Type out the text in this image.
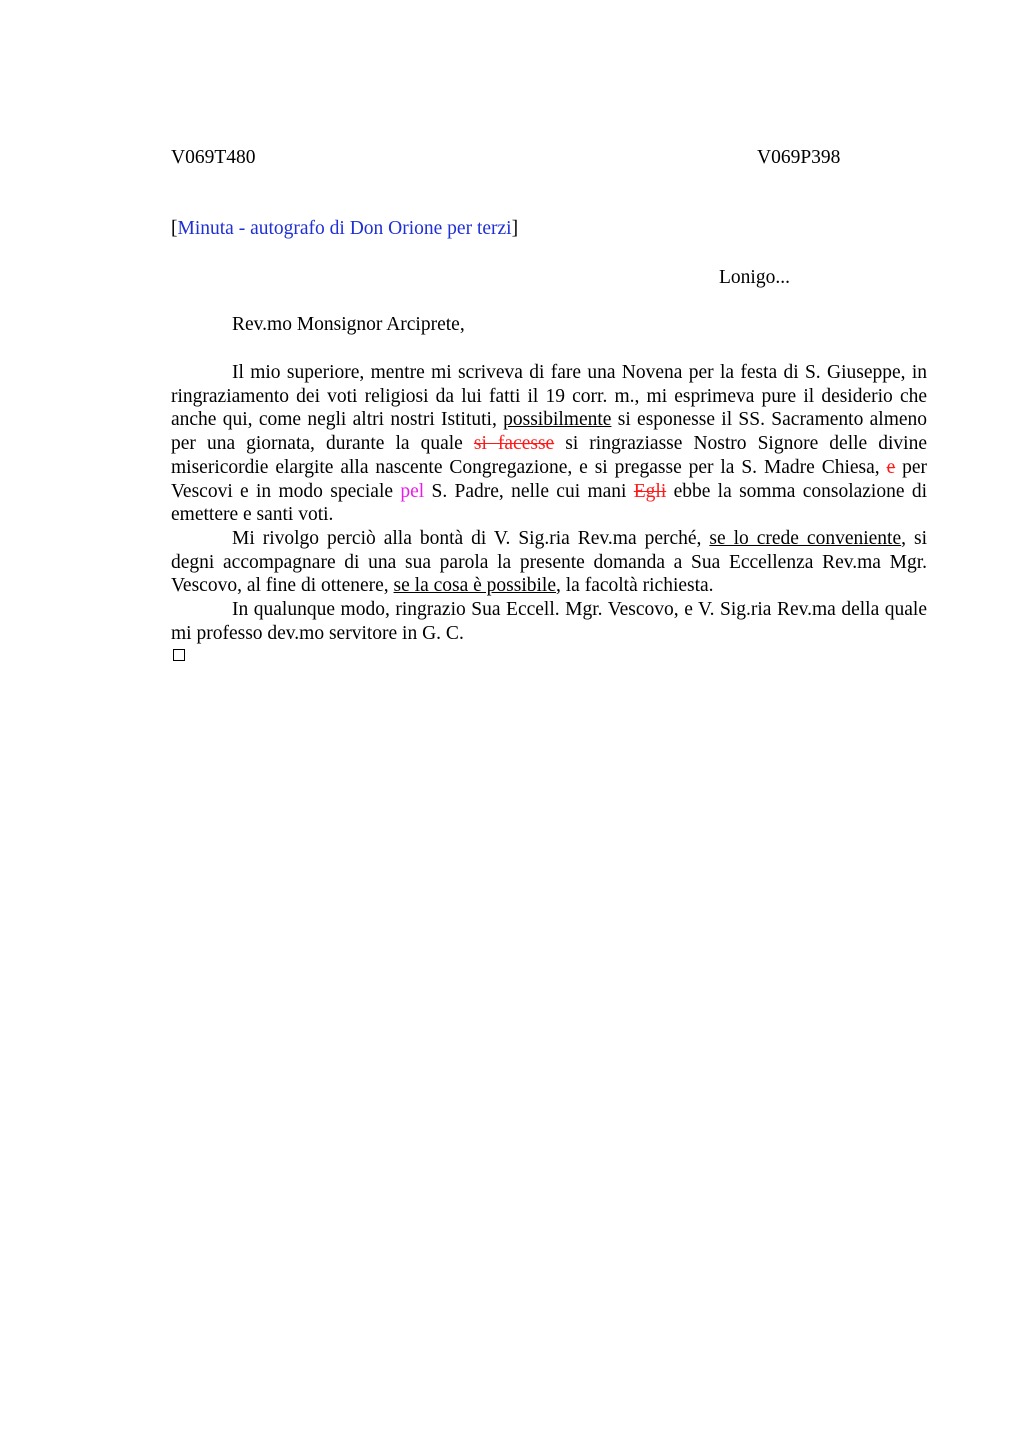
V069T480	V069P398
[Minuta - autografo di Don Orione per terzi]
Lonigo...
Rev.mo Monsignor Arciprete,

Il mio superiore, mentre mi scriveva di fare una Novena per la festa di S. Giuseppe, in ringraziamento dei voti religiosi da lui fatti il 19 corr. m., mi esprimeva pure il desiderio che anche qui, come negli altri nostri Istituti, possibilmente si esponesse il SS. Sacramento almeno per una giornata, durante la quale si facesse si ringraziasse Nostro Signore delle divine misericordie elargite alla nascente Congregazione, e si pregasse per la S. Madre Chiesa, e per Vescovi e in modo speciale pel S. Padre, nelle cui mani Egli ebbe la somma consolazione di emettere e santi voti.

Mi rivolgo perciò alla bontà di V. Sig.ria Rev.ma perché, se lo crede conveniente, si degni accompagnare di una sua parola la presente domanda a Sua Eccellenza Rev.ma Mgr. Vescovo, al fine di ottenere, se la cosa è possibile, la facoltà richiesta.

In qualunque modo, ringrazio Sua Eccell. Mgr. Vescovo, e V. Sig.ria Rev.ma della quale mi professo dev.mo servitore in G. C.
